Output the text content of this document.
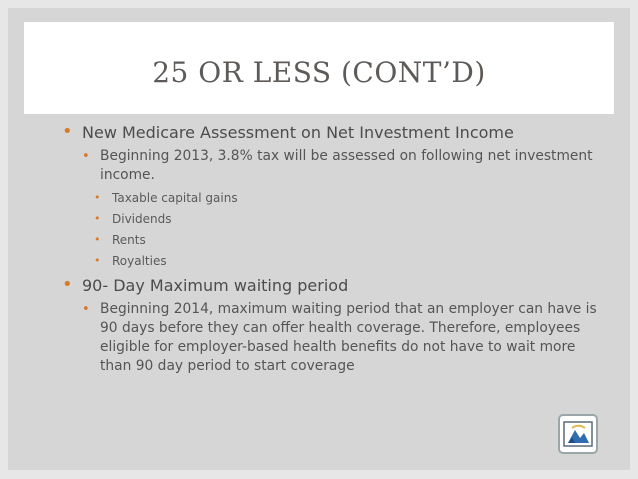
25 OR LESS (CONT’D)

• New Medicare Assessment on Net Investment Income

• Beginning 2013, 3.8% tax will be assessed on following net investment income.

• Taxable capital gains

• Dividends

• Rents

• Royalties

• 90- Day Maximum waiting period

• Beginning 2014, maximum waiting period that an employer can have is 90 days before they can offer health coverage. Therefore, employees eligible for employer-based health benefits do not have to wait more than 90 day period to start coverage
